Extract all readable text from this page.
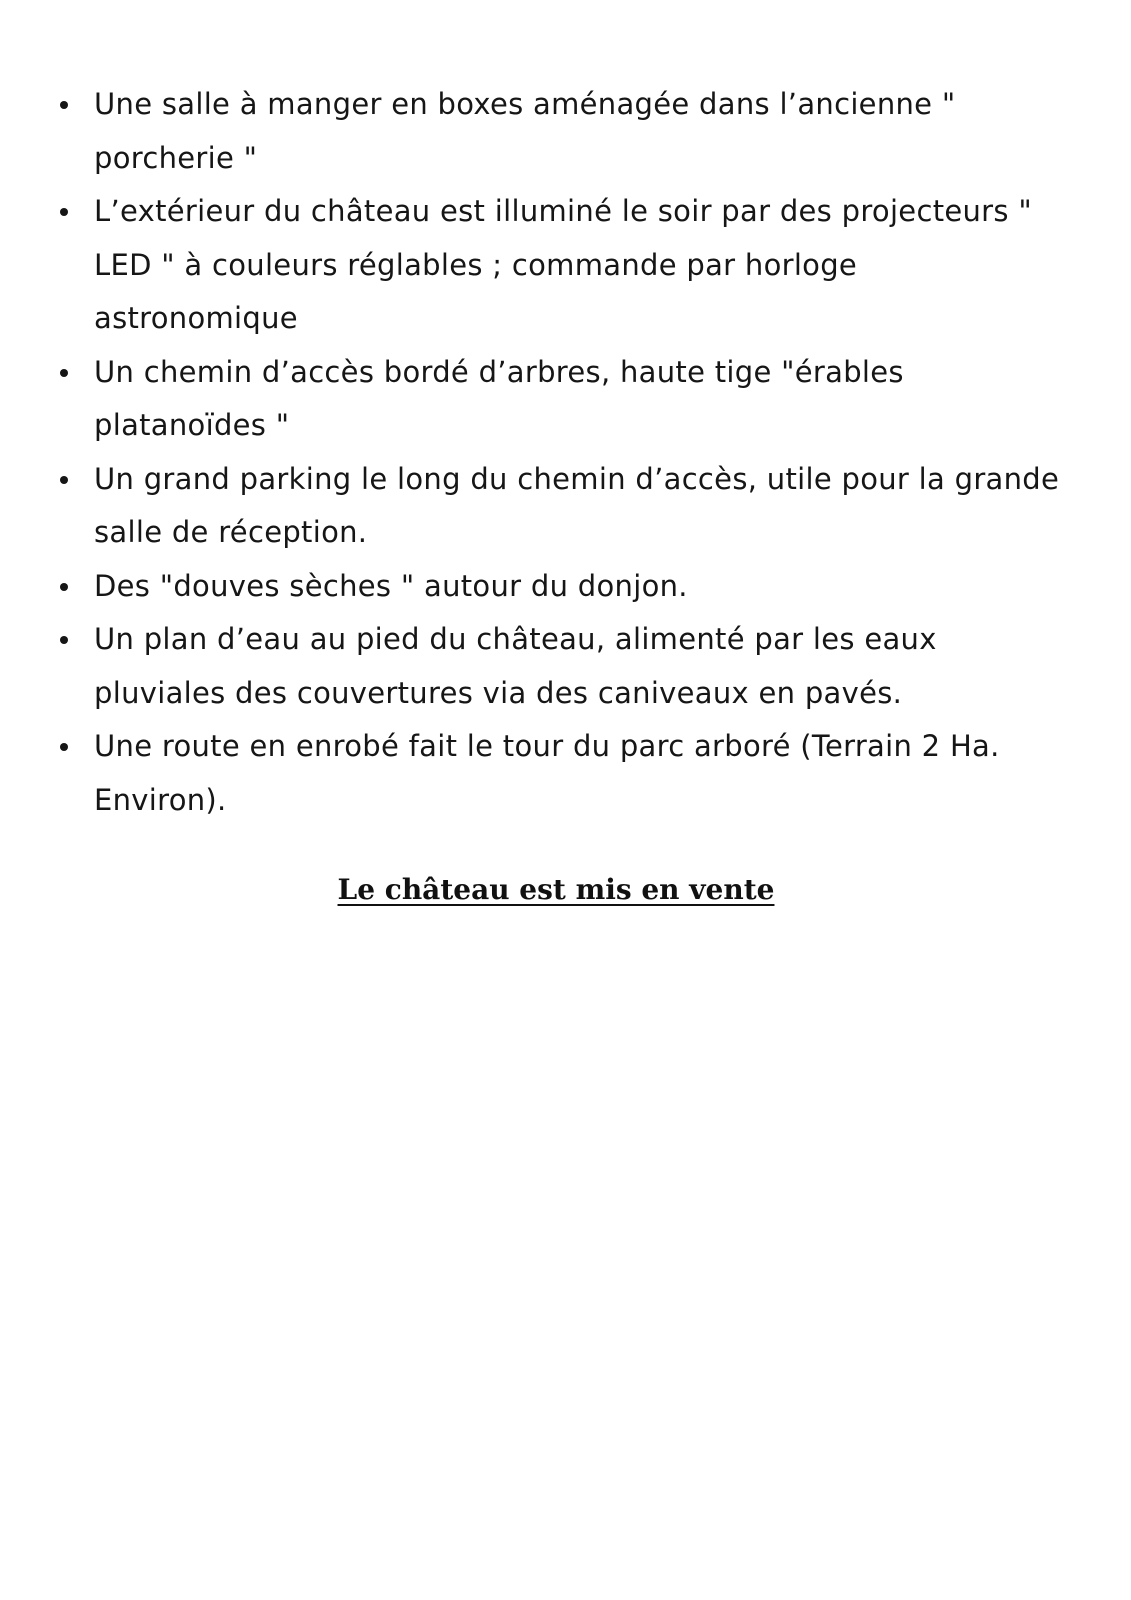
Une salle à manger en boxes aménagée dans l’ancienne " porcherie "
L’extérieur du château est illuminé le soir par des projecteurs " LED " à couleurs réglables ; commande par horloge astronomique
Un chemin d’accès bordé d’arbres, haute tige "érables platanoïdes "
Un grand parking le long du chemin d’accès, utile pour la grande salle de réception.
Des "douves sèches " autour du donjon.
Un plan d’eau au pied du château, alimenté par les eaux pluviales des couvertures via des caniveaux en pavés.
Une route en enrobé fait le tour du parc arboré (Terrain 2 Ha. Environ).
Le château est mis en vente
